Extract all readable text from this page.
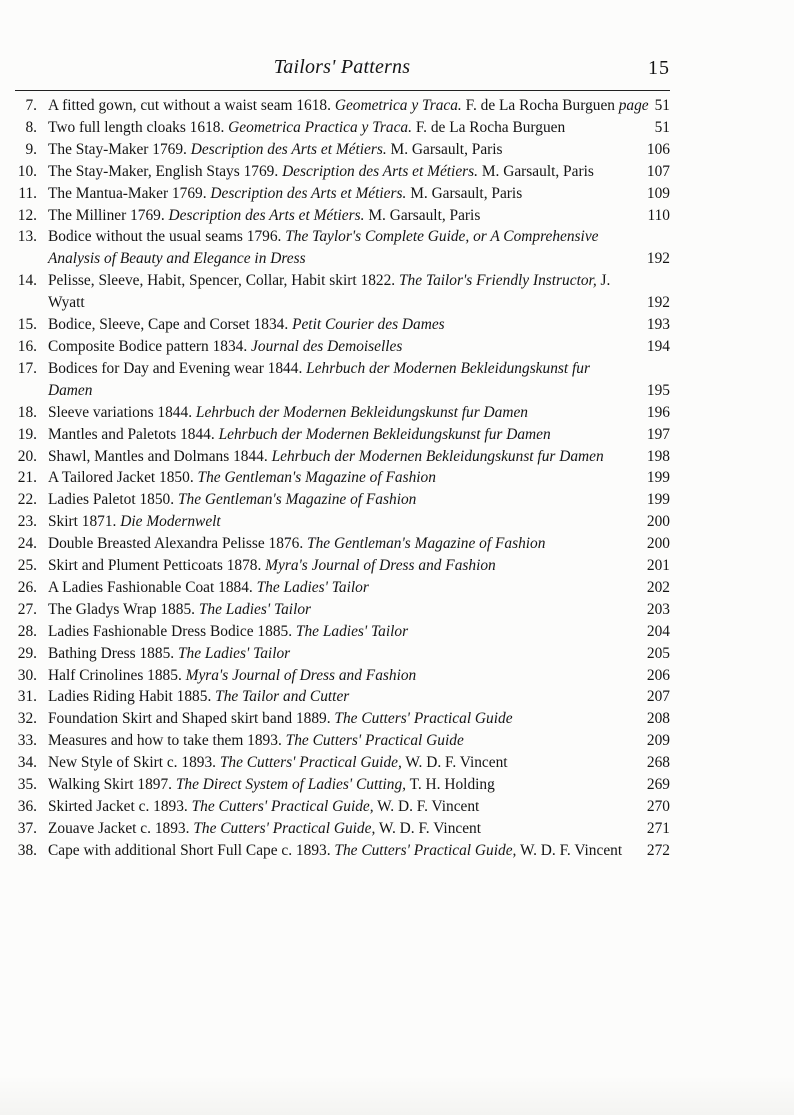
Tailors' Patterns	15
7. A fitted gown, cut without a waist seam 1618. Geometrica y Traca. F. de La Rocha Burguen page 51
8. Two full length cloaks 1618. Geometrica Practica y Traca. F. de La Rocha Burguen	51
9. The Stay-Maker 1769. Description des Arts et Métiers. M. Garsault, Paris	106
10. The Stay-Maker, English Stays 1769. Description des Arts et Métiers. M. Garsault, Paris	107
11. The Mantua-Maker 1769. Description des Arts et Métiers. M. Garsault, Paris	109
12. The Milliner 1769. Description des Arts et Métiers. M. Garsault, Paris	110
13. Bodice without the usual seams 1796. The Taylor's Complete Guide, or A Comprehensive Analysis of Beauty and Elegance in Dress	192
14. Pelisse, Sleeve, Habit, Spencer, Collar, Habit skirt 1822. The Tailor's Friendly Instructor, J. Wyatt	192
15. Bodice, Sleeve, Cape and Corset 1834. Petit Courier des Dames	193
16. Composite Bodice pattern 1834. Journal des Demoiselles	194
17. Bodices for Day and Evening wear 1844. Lehrbuch der Modernen Bekleidungskunst fur Damen	195
18. Sleeve variations 1844. Lehrbuch der Modernen Bekleidungskunst fur Damen	196
19. Mantles and Paletots 1844. Lehrbuch der Modernen Bekleidungskunst fur Damen	197
20. Shawl, Mantles and Dolmans 1844. Lehrbuch der Modernen Bekleidungskunst fur Damen	198
21. A Tailored Jacket 1850. The Gentleman's Magazine of Fashion	199
22. Ladies Paletot 1850. The Gentleman's Magazine of Fashion	199
23. Skirt 1871. Die Modernwelt	200
24. Double Breasted Alexandra Pelisse 1876. The Gentleman's Magazine of Fashion	200
25. Skirt and Plument Petticoats 1878. Myra's Journal of Dress and Fashion	201
26. A Ladies Fashionable Coat 1884. The Ladies' Tailor	202
27. The Gladys Wrap 1885. The Ladies' Tailor	203
28. Ladies Fashionable Dress Bodice 1885. The Ladies' Tailor	204
29. Bathing Dress 1885. The Ladies' Tailor	205
30. Half Crinolines 1885. Myra's Journal of Dress and Fashion	206
31. Ladies Riding Habit 1885. The Tailor and Cutter	207
32. Foundation Skirt and Shaped skirt band 1889. The Cutters' Practical Guide	208
33. Measures and how to take them 1893. The Cutters' Practical Guide	209
34. New Style of Skirt c. 1893. The Cutters' Practical Guide, W. D. F. Vincent	268
35. Walking Skirt 1897. The Direct System of Ladies' Cutting, T. H. Holding	269
36. Skirted Jacket c. 1893. The Cutters' Practical Guide, W. D. F. Vincent	270
37. Zouave Jacket c. 1893. The Cutters' Practical Guide, W. D. F. Vincent	271
38. Cape with additional Short Full Cape c. 1893. The Cutters' Practical Guide, W. D. F. Vincent	272
